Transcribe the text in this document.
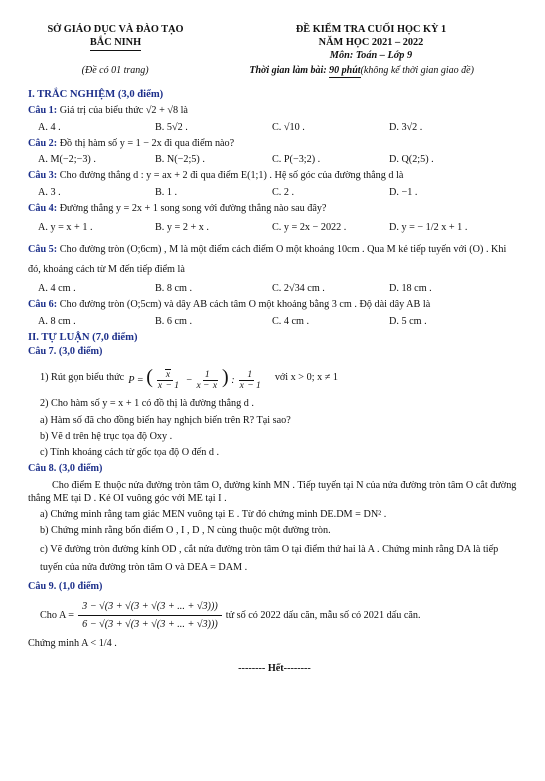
SỞ GIÁO DỤC VÀ ĐÀO TẠO
BẮC NINH
ĐỀ KIỂM TRA CUỐI HỌC KỲ 1
NĂM HỌC 2021 – 2022
Môn: Toán – Lớp 9
(Đề có 01 trang)	Thời gian làm bài: 90 phút(không kể thời gian giao đề)
I. TRẮC NGHIỆM (3,0 điểm)
Câu 1: Giá trị của biểu thức √2 + √8 là
A. 4 .	B. 5√2 .	C. √10 .	D. 3√2 .
Câu 2: Đồ thị hàm số y = 1 − 2x đi qua điểm nào?
A. M(−2;−3) .	B. N(−2;5) .	C. P(−3;2) .	D. Q(2;5) .
Câu 3: Cho đường thẳng d : y = ax + 2 đi qua điểm E(1;1) . Hệ số góc của đường thẳng d là
A. 3 .	B. 1 .	C. 2 .	D. −1 .
Câu 4: Đường thẳng y = 2x + 1 song song với đường thẳng nào sau đây?
A. y = x + 1 .	B. y = 2 + x .	C. y = 2x − 2022 .	D. y = − 1/2 x + 1 .
Câu 5: Cho đường tròn (O;6cm) , M là một điểm cách điểm O một khoảng 10cm . Qua M kẻ tiếp tuyến với (O) . Khi đó, khoảng cách từ M đến tiếp điểm là
A. 4 cm .	B. 8 cm .	C. 2√34 cm .	D. 18 cm .
Câu 6: Cho đường tròn (O;5cm) và dây AB cách tâm O một khoảng bằng 3 cm . Độ dài dây AB là
A. 8 cm .	B. 6 cm .	C. 4 cm .	D. 5 cm .
II. TỰ LUẬN (7,0 điểm)
Câu 7. (3,0 điểm)
1) Rút gọn biểu thức P = ( $\frac{x}{x - 1} - \frac{1}{x - x}$ ) : $\frac{1}{x - 1}$ với x > 0; x ≠ 1
2) Cho hàm số y = x + 1 có đồ thị là đường thẳng d .
a) Hàm số đã cho đồng biến hay nghịch biến trên R? Tại sao?
b) Vẽ d trên hệ trục tọa độ Oxy .
c) Tính khoảng cách từ gốc tọa độ O đến d .
Câu 8. (3,0 điểm)
Cho điểm E thuộc nửa đường tròn tâm O, đường kính MN . Tiếp tuyến tại N của nửa đường tròn tâm O cắt đường thẳng ME tại D . Kẻ OI vuông góc với ME tại I .
a) Chứng minh rằng tam giác MEN vuông tại E . Từ đó chứng minh DE.DM = DN² .
b) Chứng minh rằng bốn điểm O , I , D , N cùng thuộc một đường tròn.
c) Vẽ đường tròn đường kính OD , cắt nửa đường tròn tâm O tại điểm thứ hai là A . Chứng minh rằng DA là tiếp tuyến của nửa đường tròn tâm O và DEA = DAM .
Câu 9. (1,0 điểm)
Cho $A = \frac{3 - √(3 + √(3 + √(3 + ... + √3)))}{6 - √(3 + √(3 + √(3 + ... + √3)))}$ tử số có 2022 dấu căn, mẫu số có 2021 dấu căn.
Chứng minh A < 1/4 .
-------- Hết--------
